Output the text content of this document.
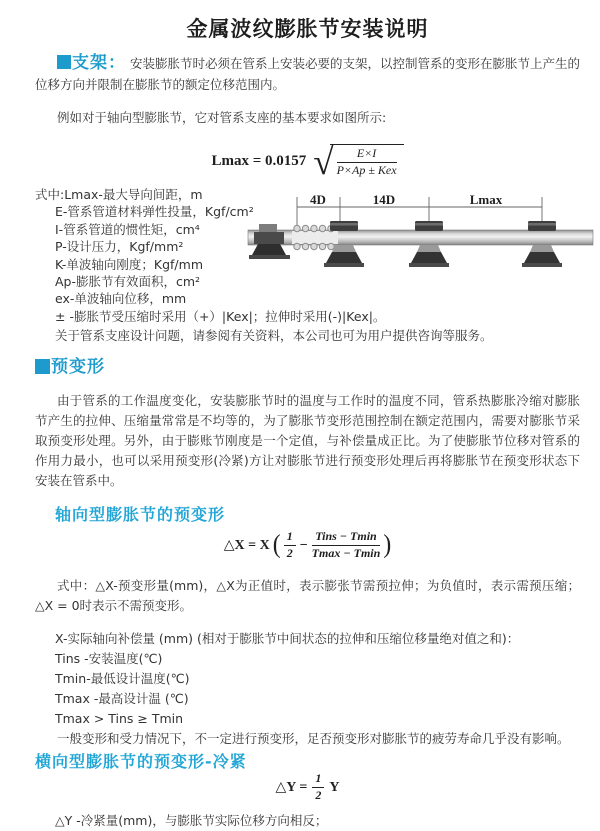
金属波纹膨胀节安装说明

支架： 安装膨胀节时必须在管系上安装必要的支架，以控制管系的变形在膨胀节上产生的位移方向并限制在膨胀节的额定位移范围内。

例如对于轴向型膨胀节，它对管系支座的基本要求如图所示:

Lmax = 0.0157 √ $\frac{E\times I}{\text{P×Ap ± Kex}}$
式中:Lmax-最大导向间距，m
E-管系管道材料弹性投量，Kgf/cm²
I-管系管道的惯性矩，cm⁴
P-设计压力，Kgf/mm²
K-单波轴向刚度；Kgf/mm
Ap-膨胀节有效面积，cm²
ex-单波轴向位移，mm
± -膨胀节受压缩时采用（+）|Kex|；拉伸时采用(-)|Kex|。
关于管系支座设计问题，请参阅有关资料，本公司也可为用户提供咨询等服务。
预变形

由于管系的工作温度变化，安装膨胀节时的温度与工作时的温度不同，管系热膨胀冷缩对膨胀节产生的拉伸、压缩量常常是不均等的，为了膨胀节变形范围控制在额定范围内，需要对膨胀节采取预变形处理。另外，由于膨账节刚度是一个定值，与补偿量成正比。为了使膨胀节位移对管系的作用力最小，也可以采用预变形(冷紧)方让对膨胀节进行预变形处理后再将膨胀节在预变形状态下安装在管系中。

轴向型膨胀节的预变形
△X = X ( $\frac{1}{2} - \frac{\text{Tins − Tmin}}{Tmax - Tmin}$ )

式中：△X-预变形量(mm)，△X为正值时，表示膨张节需预拉伸；为负值时，表示需预压缩；△X = 0时表示不需预变形。

X-实际轴向补偿量 (mm) (相对于膨胀节中间状态的拉伸和压缩位移量绝对值之和)：
Tins -安装温度(℃)
Tmin-最低设计温度(℃)
Tmax -最高设计温 (℃)
Tmax > Tins ≥ Tmin

一般变形和受力情况下，不一定进行预变形，足否预变形对膨胀节的疲劳寿命几乎没有影响。

横向型膨胀节的预变形-冷紧
△Y = $\frac{1}{2}$ Y
△Y -冷紧量(mm)，与膨胀节实际位移方向相反；
4D	14D	Lmax
